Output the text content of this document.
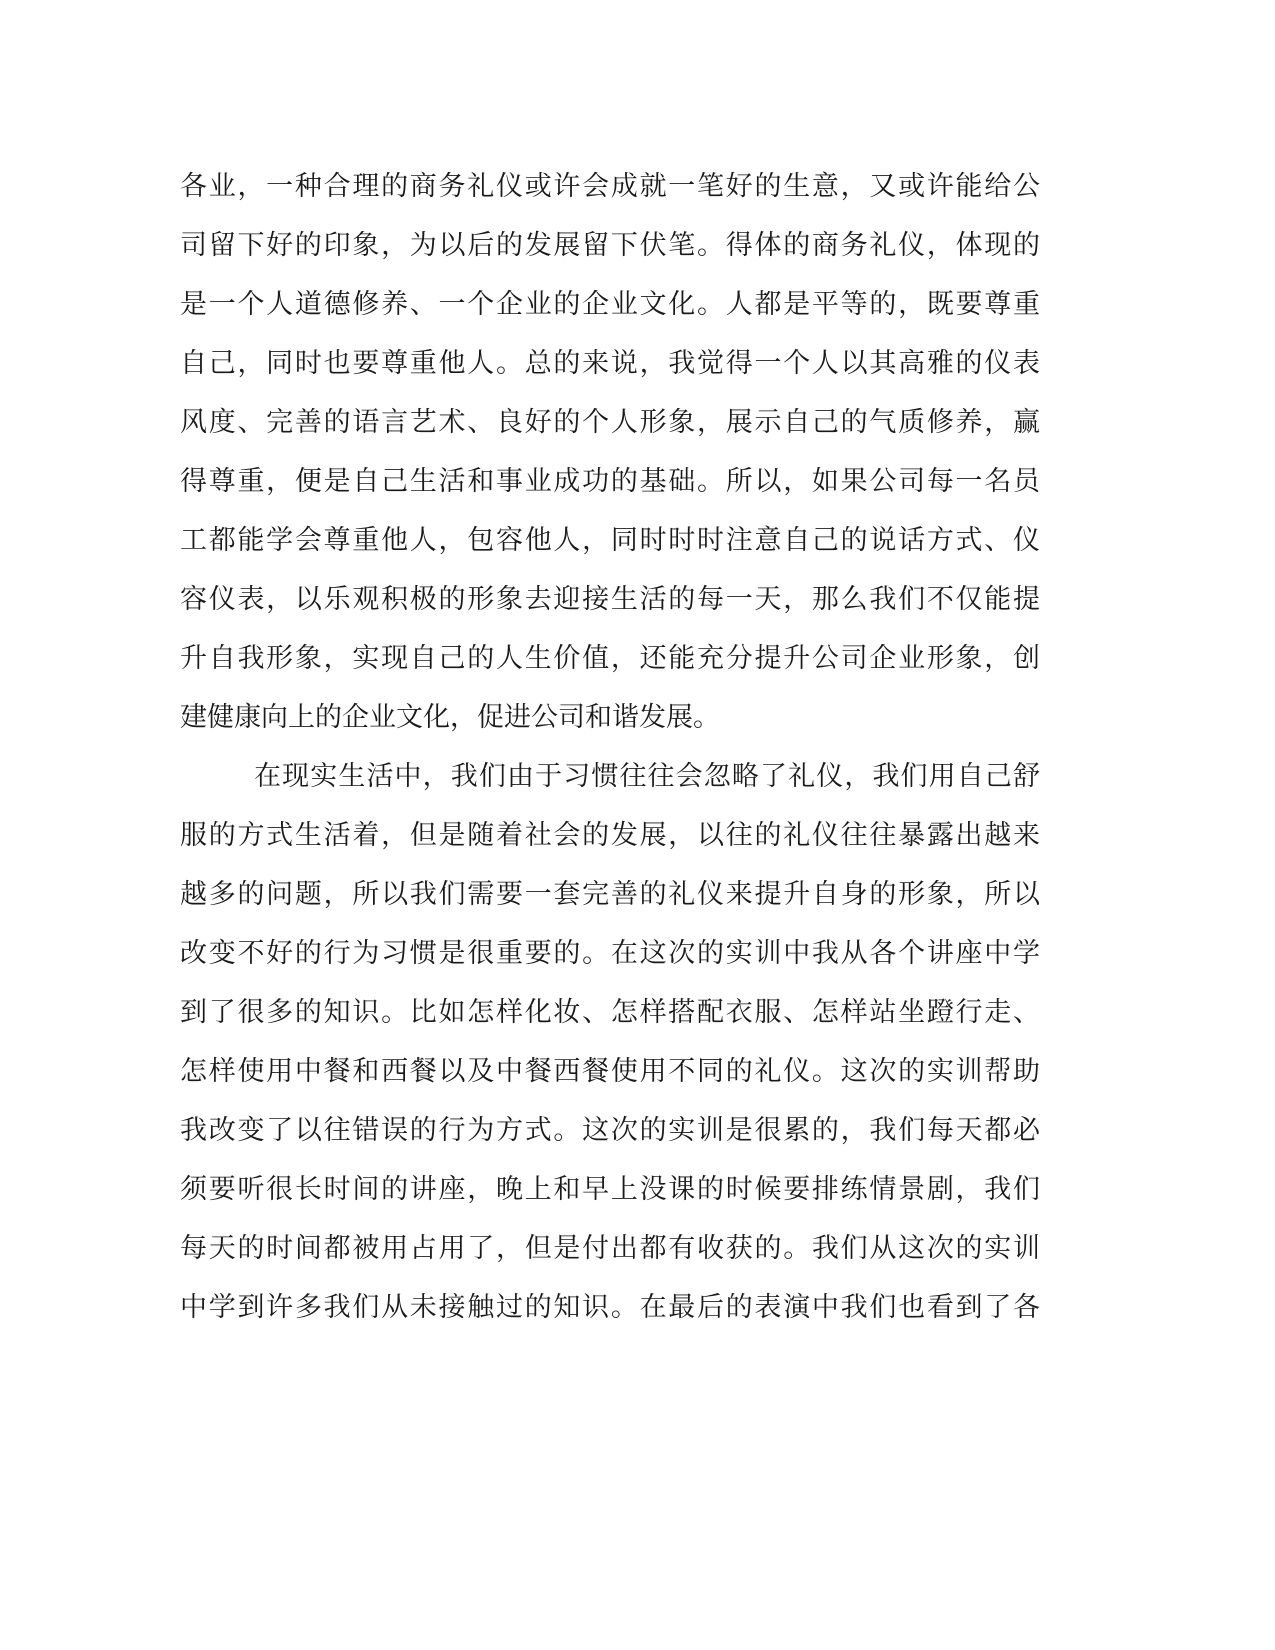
各业，一种合理的商务礼仪或许会成就一笔好的生意，又或许能给公
司留下好的印象，为以后的发展留下伏笔。得体的商务礼仪，体现的
是一个人道德修养、一个企业的企业文化。人都是平等的，既要尊重
自己，同时也要尊重他人。总的来说，我觉得一个人以其高雅的仪表
风度、完善的语言艺术、良好的个人形象，展示自己的气质修养，赢
得尊重，便是自己生活和事业成功的基础。所以，如果公司每一名员
工都能学会尊重他人，包容他人，同时时时注意自己的说话方式、仪
容仪表，以乐观积极的形象去迎接生活的每一天，那么我们不仅能提
升自我形象，实现自己的人生价值，还能充分提升公司企业形象，创
建健康向上的企业文化，促进公司和谐发展。
在现实生活中，我们由于习惯往往会忽略了礼仪，我们用自己舒
服的方式生活着，但是随着社会的发展，以往的礼仪往往暴露出越来
越多的问题，所以我们需要一套完善的礼仪来提升自身的形象，所以
改变不好的行为习惯是很重要的。在这次的实训中我从各个讲座中学
到了很多的知识。比如怎样化妆、怎样搭配衣服、怎样站坐蹬行走、
怎样使用中餐和西餐以及中餐西餐使用不同的礼仪。这次的实训帮助
我改变了以往错误的行为方式。这次的实训是很累的，我们每天都必
须要听很长时间的讲座，晚上和早上没课的时候要排练情景剧，我们
每天的时间都被用占用了，但是付出都有收获的。我们从这次的实训
中学到许多我们从未接触过的知识。在最后的表演中我们也看到了各
